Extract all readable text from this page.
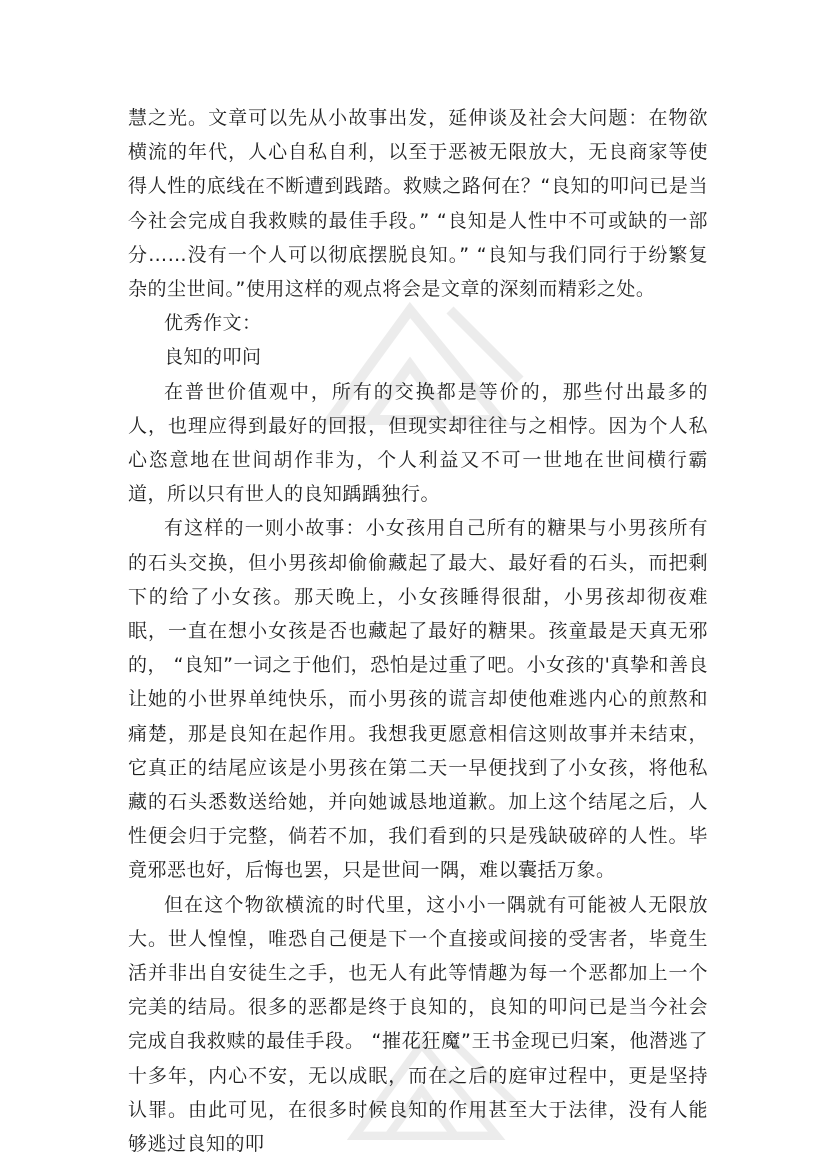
慧之光。文章可以先从小故事出发，延伸谈及社会大问题：在物欲横流的年代，人心自私自利，以至于恶被无限放大，无良商家等使得人性的底线在不断遭到践踏。救赎之路何在？“良知的叩问已是当今社会完成自我救赎的最佳手段。” “良知是人性中不可或缺的一部分……没有一个人可以彻底摆脱良知。” “良知与我们同行于纷繁复杂的尘世间。”使用这样的观点将会是文章的深刻而精彩之处。

优秀作文：

良知的叩问

在普世价值观中，所有的交换都是等价的，那些付出最多的人，也理应得到最好的回报，但现实却往往与之相悖。因为个人私心恣意地在世间胡作非为，个人利益又不可一世地在世间横行霸道，所以只有世人的良知踽踽独行。

有这样的一则小故事：小女孩用自己所有的糖果与小男孩所有的石头交换，但小男孩却偷偷藏起了最大、最好看的石头，而把剩下的给了小女孩。那天晚上，小女孩睡得很甜，小男孩却彻夜难眠，一直在想小女孩是否也藏起了最好的糖果。孩童最是天真无邪的， “良知”一词之于他们，恐怕是过重了吧。小女孩的'真挚和善良让她的小世界单纯快乐，而小男孩的谎言却使他难逃内心的煎熬和痛楚，那是良知在起作用。我想我更愿意相信这则故事并未结束，它真正的结尾应该是小男孩在第二天一早便找到了小女孩，将他私藏的石头悉数送给她，并向她诚恳地道歉。加上这个结尾之后，人性便会归于完整，倘若不加，我们看到的只是残缺破碎的人性。毕竟邪恶也好，后悔也罢，只是世间一隅，难以囊括万象。

但在这个物欲横流的时代里，这小小一隅就有可能被人无限放大。世人惶惶，唯恐自己便是下一个直接或间接的受害者，毕竟生活并非出自安徒生之手，也无人有此等情趣为每一个恶都加上一个完美的结局。很多的恶都是终于良知的，良知的叩问已是当今社会完成自我救赎的最佳手段。 “摧花狂魔”王书金现已归案，他潜逃了十多年，内心不安，无以成眠，而在之后的庭审过程中，更是坚持认罪。由此可见，在很多时候良知的作用甚至大于法律，没有人能够逃过良知的叩
